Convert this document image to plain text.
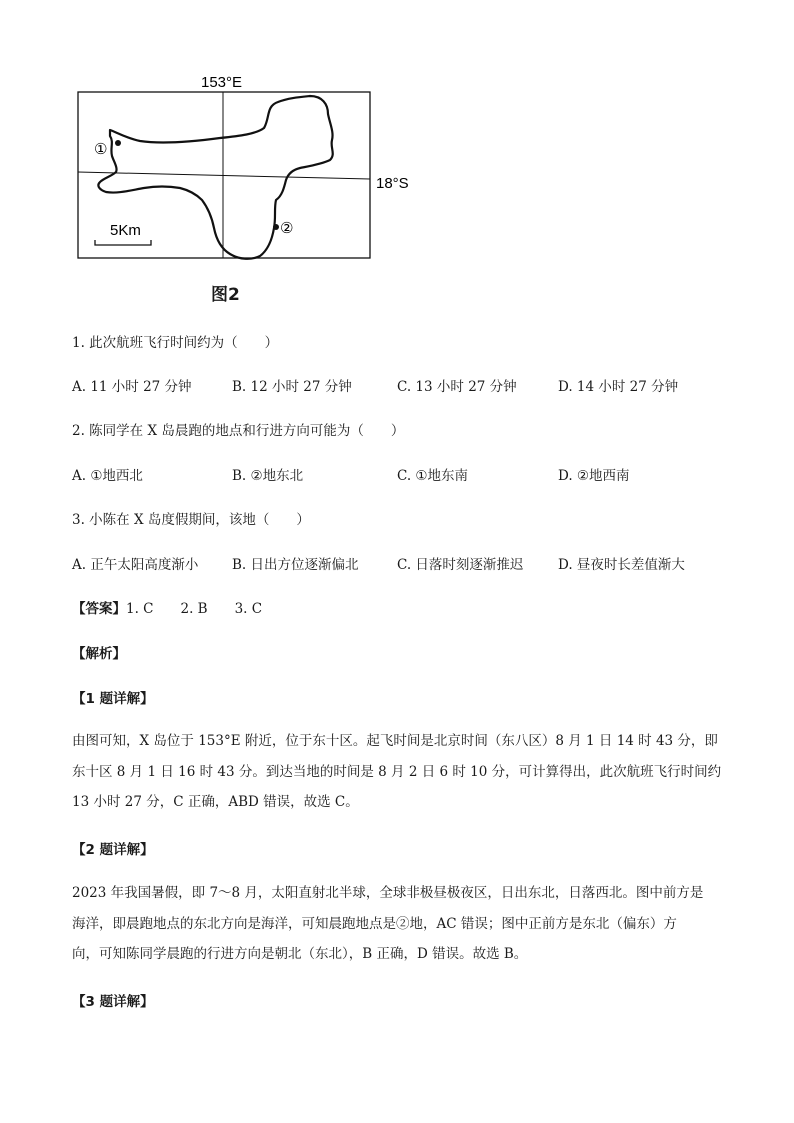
153°E
①
②
18°S
5Km
图2
1. 此次航班飞行时间约为（　　）
A. 11 小时 27 分钟	B. 12 小时 27 分钟	C. 13 小时 27 分钟	D. 14 小时 27 分钟
2. 陈同学在 X 岛晨跑的地点和行进方向可能为（　　）
A. ①地西北	B. ②地东北	C. ①地东南	D. ②地西南
3. 小陈在 X 岛度假期间，该地（　　）
A. 正午太阳高度渐小 B. 日出方位逐渐偏北	C. 日落时刻逐渐推迟	D. 昼夜时长差值渐大
【答案】1. C　　2. B　　3. C
【解析】
【1 题详解】
由图可知，X 岛位于 153°E 附近，位于东十区。起飞时间是北京时间（东八区）8 月 1 日 14 时 43 分，即
东十区 8 月 1 日 16 时 43 分。到达当地的时间是 8 月 2 日 6 时 10 分，可计算得出，此次航班飞行时间约
13 小时 27 分，C 正确，ABD 错误，故选 C。
【2 题详解】
2023 年我国暑假，即 7～8 月，太阳直射北半球，全球非极昼极夜区，日出东北，日落西北。图中前方是
海洋，即晨跑地点的东北方向是海洋，可知晨跑地点是②地，AC 错误；图中正前方是东北（偏东）方
向，可知陈同学晨跑的行进方向是朝北（东北），B 正确，D 错误。故选 B。
【3 题详解】
